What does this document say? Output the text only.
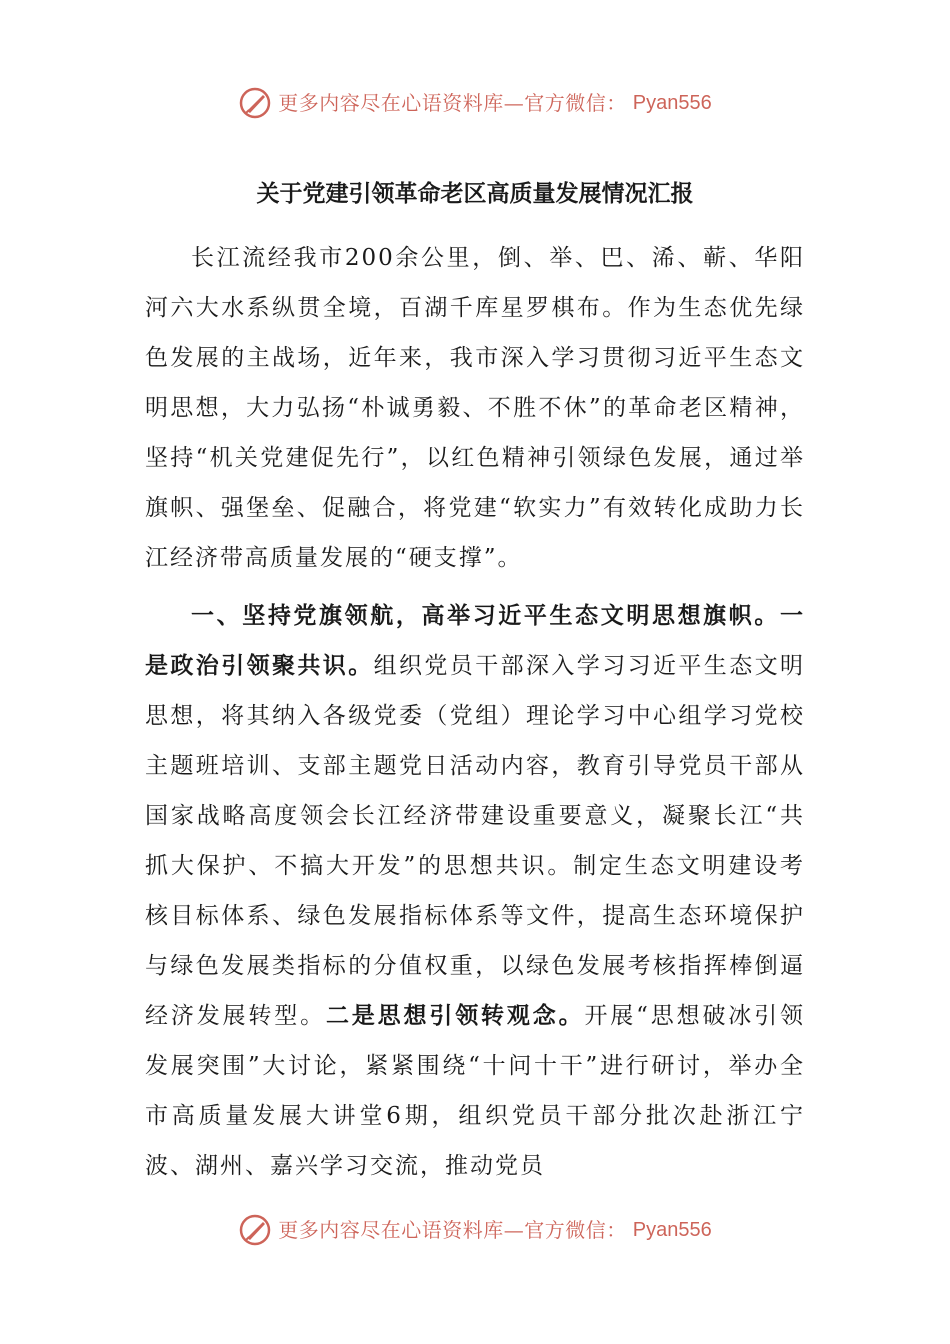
更多内容尽在心语资料库—官方微信： Pyan556
关于党建引领革命老区高质量发展情况汇报

长江流经我市200余公里，倒、举、巴、浠、蕲、华阳河六大水系纵贯全境，百湖千库星罗棋布。作为生态优先绿色发展的主战场，近年来，我市深入学习贯彻习近平生态文明思想，大力弘扬“朴诚勇毅、不胜不休”的革命老区精神，坚持“机关党建促先行”，以红色精神引领绿色发展，通过举旗帜、强堡垒、促融合，将党建“软实力”有效转化成助力长江经济带高质量发展的“硬支撑”。

一、坚持党旗领航，高举习近平生态文明思想旗帜。一是政治引领聚共识。组织党员干部深入学习习近平生态文明思想，将其纳入各级党委（党组）理论学习中心组学习党校主题班培训、支部主题党日活动内容，教育引导党员干部从国家战略高度领会长江经济带建设重要意义，凝聚长江“共抓大保护、不搞大开发”的思想共识。制定生态文明建设考核目标体系、绿色发展指标体系等文件，提高生态环境保护与绿色发展类指标的分值权重，以绿色发展考核指挥棒倒逼经济发展转型。二是思想引领转观念。开展“思想破冰引领发展突围”大讨论，紧紧围绕“十问十干”进行研讨，举办全市高质量发展大讲堂6期，组织党员干部分批次赴浙江宁波、湖州、嘉兴学习交流，推动党员

更多内容尽在心语资料库—官方微信： Pyan556
